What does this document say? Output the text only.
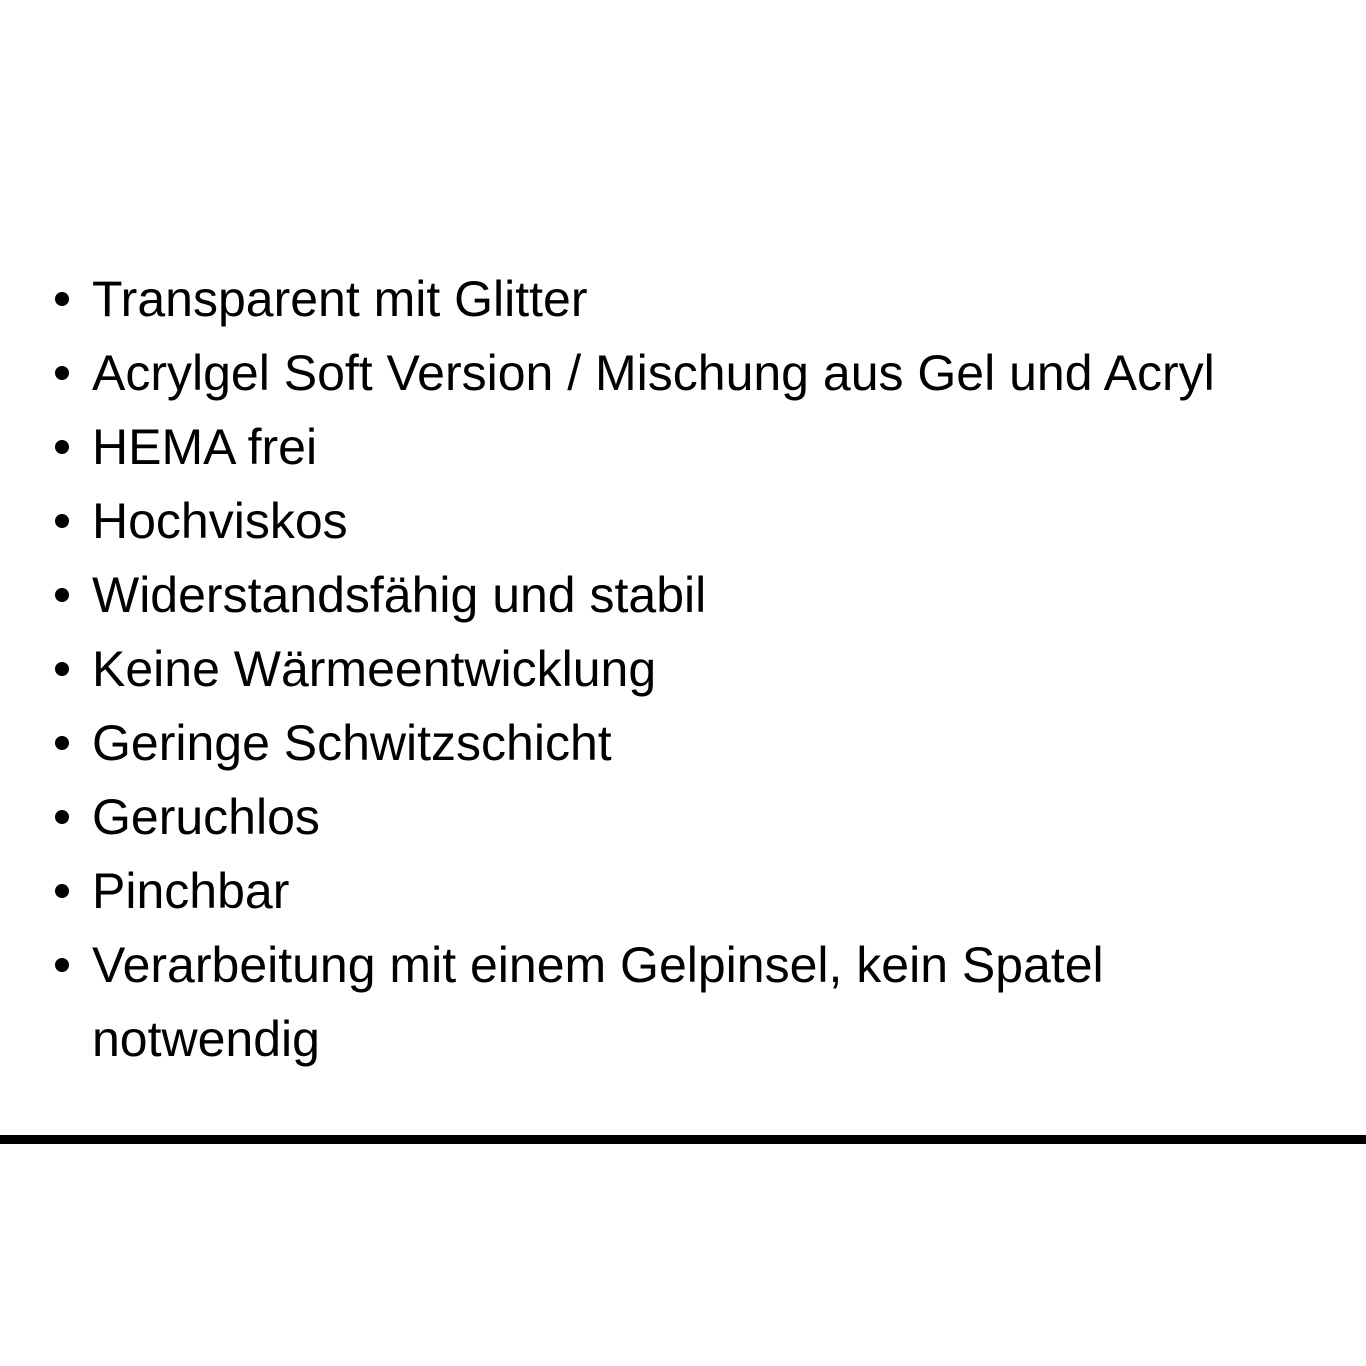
Transparent mit Glitter
Acrylgel Soft Version / Mischung aus Gel und Acryl
HEMA frei
Hochviskos
Widerstandsfähig und stabil
Keine Wärmeentwicklung
Geringe Schwitzschicht
Geruchlos
Pinchbar
Verarbeitung mit einem Gelpinsel, kein Spatel notwendig
